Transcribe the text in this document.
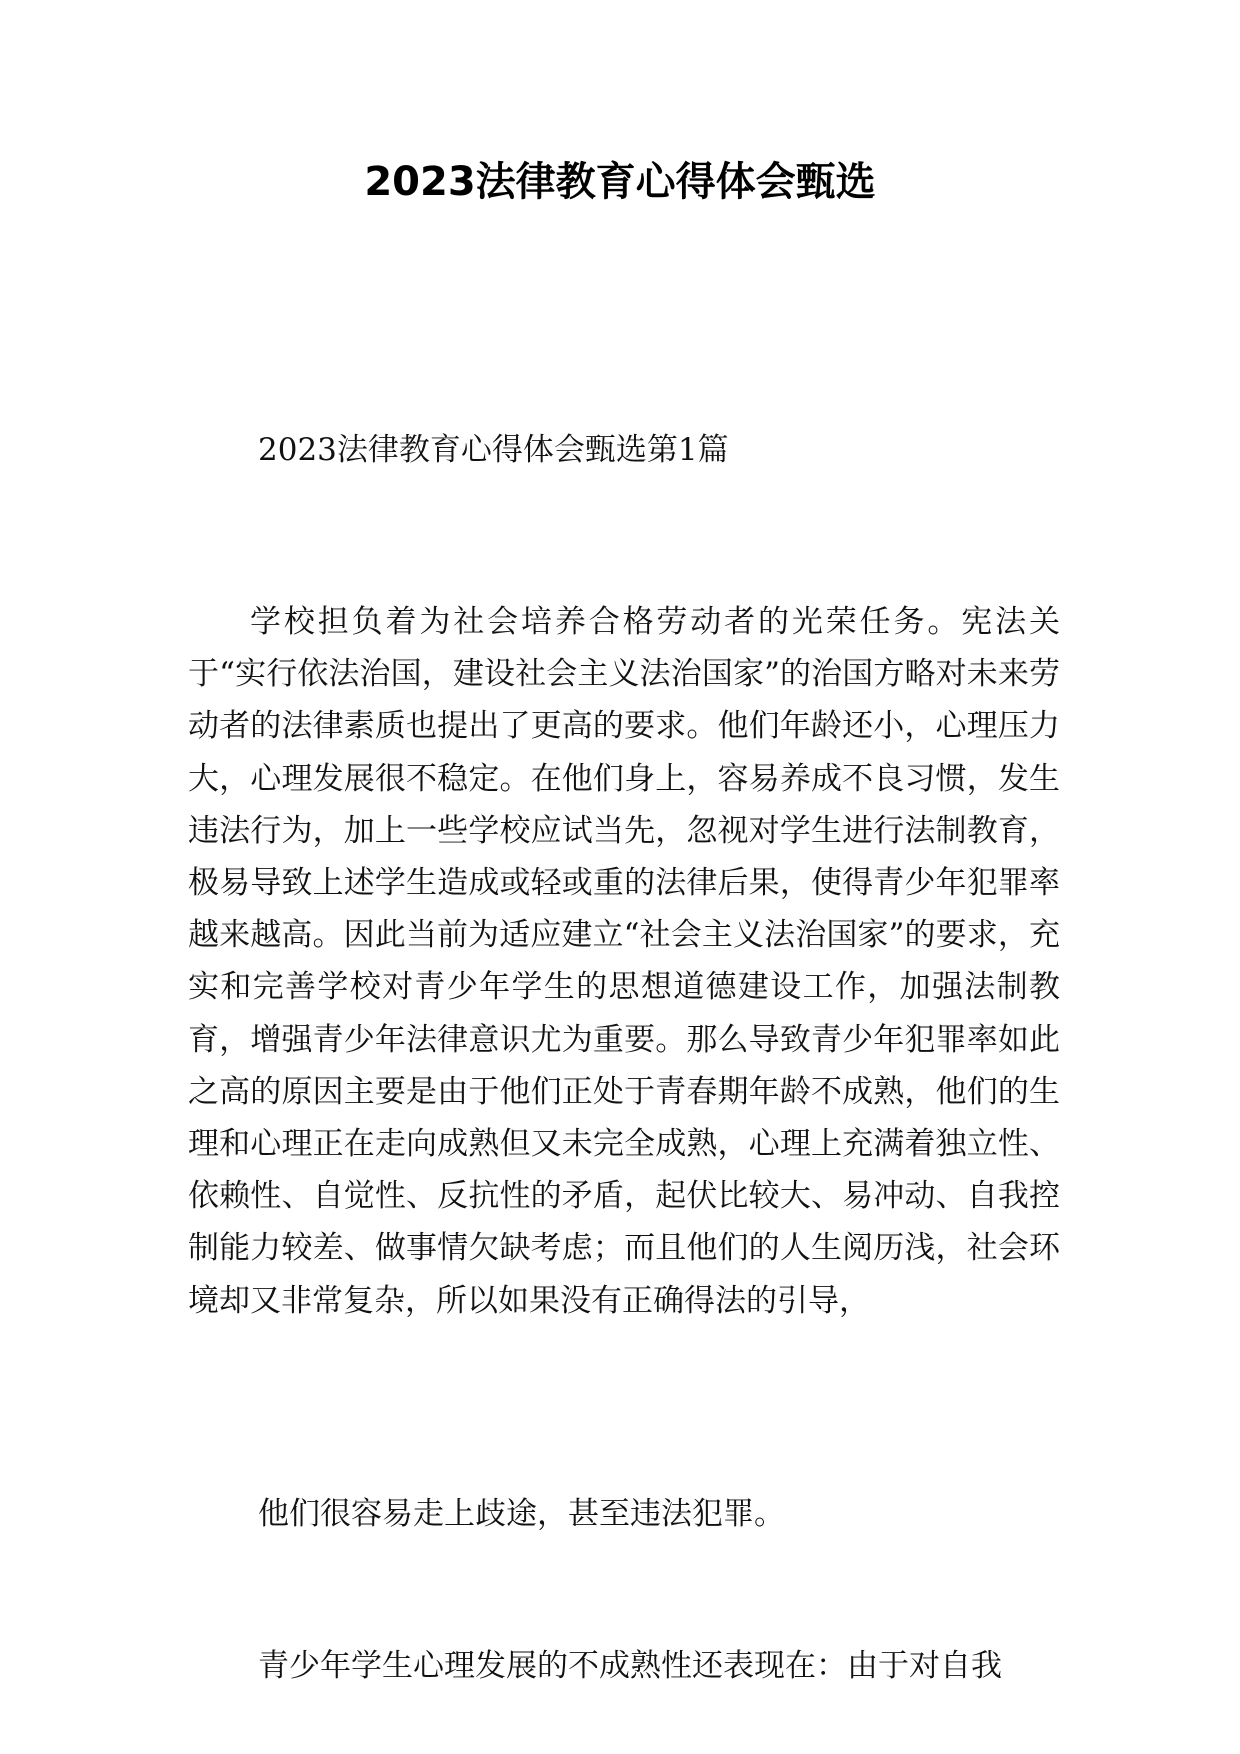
2023法律教育心得体会甄选
2023法律教育心得体会甄选第1篇

学校担负着为社会培养合格劳动者的光荣任务。宪法关于“实行依法治国，建设社会主义法治国家”的治国方略对未来劳动者的法律素质也提出了更高的要求。他们年龄还小，心理压力大，心理发展很不稳定。在他们身上，容易养成不良习惯，发生违法行为，加上一些学校应试当先，忽视对学生进行法制教育，极易导致上述学生造成或轻或重的法律后果，使得青少年犯罪率越来越高。因此当前为适应建立“社会主义法治国家”的要求，充实和完善学校对青少年学生的思想道德建设工作，加强法制教育，增强青少年法律意识尤为重要。那么导致青少年犯罪率如此之高的原因主要是由于他们正处于青春期年龄不成熟，他们的生理和心理正在走向成熟但又未完全成熟，心理上充满着独立性、依赖性、自觉性、反抗性的矛盾，起伏比较大、易冲动、自我控制能力较差、做事情欠缺考虑；而且他们的人生阅历浅，社会环境却又非常复杂，所以如果没有正确得法的引导，

他们很容易走上歧途，甚至违法犯罪。

青少年学生心理发展的不成熟性还表现在：由于对自我
